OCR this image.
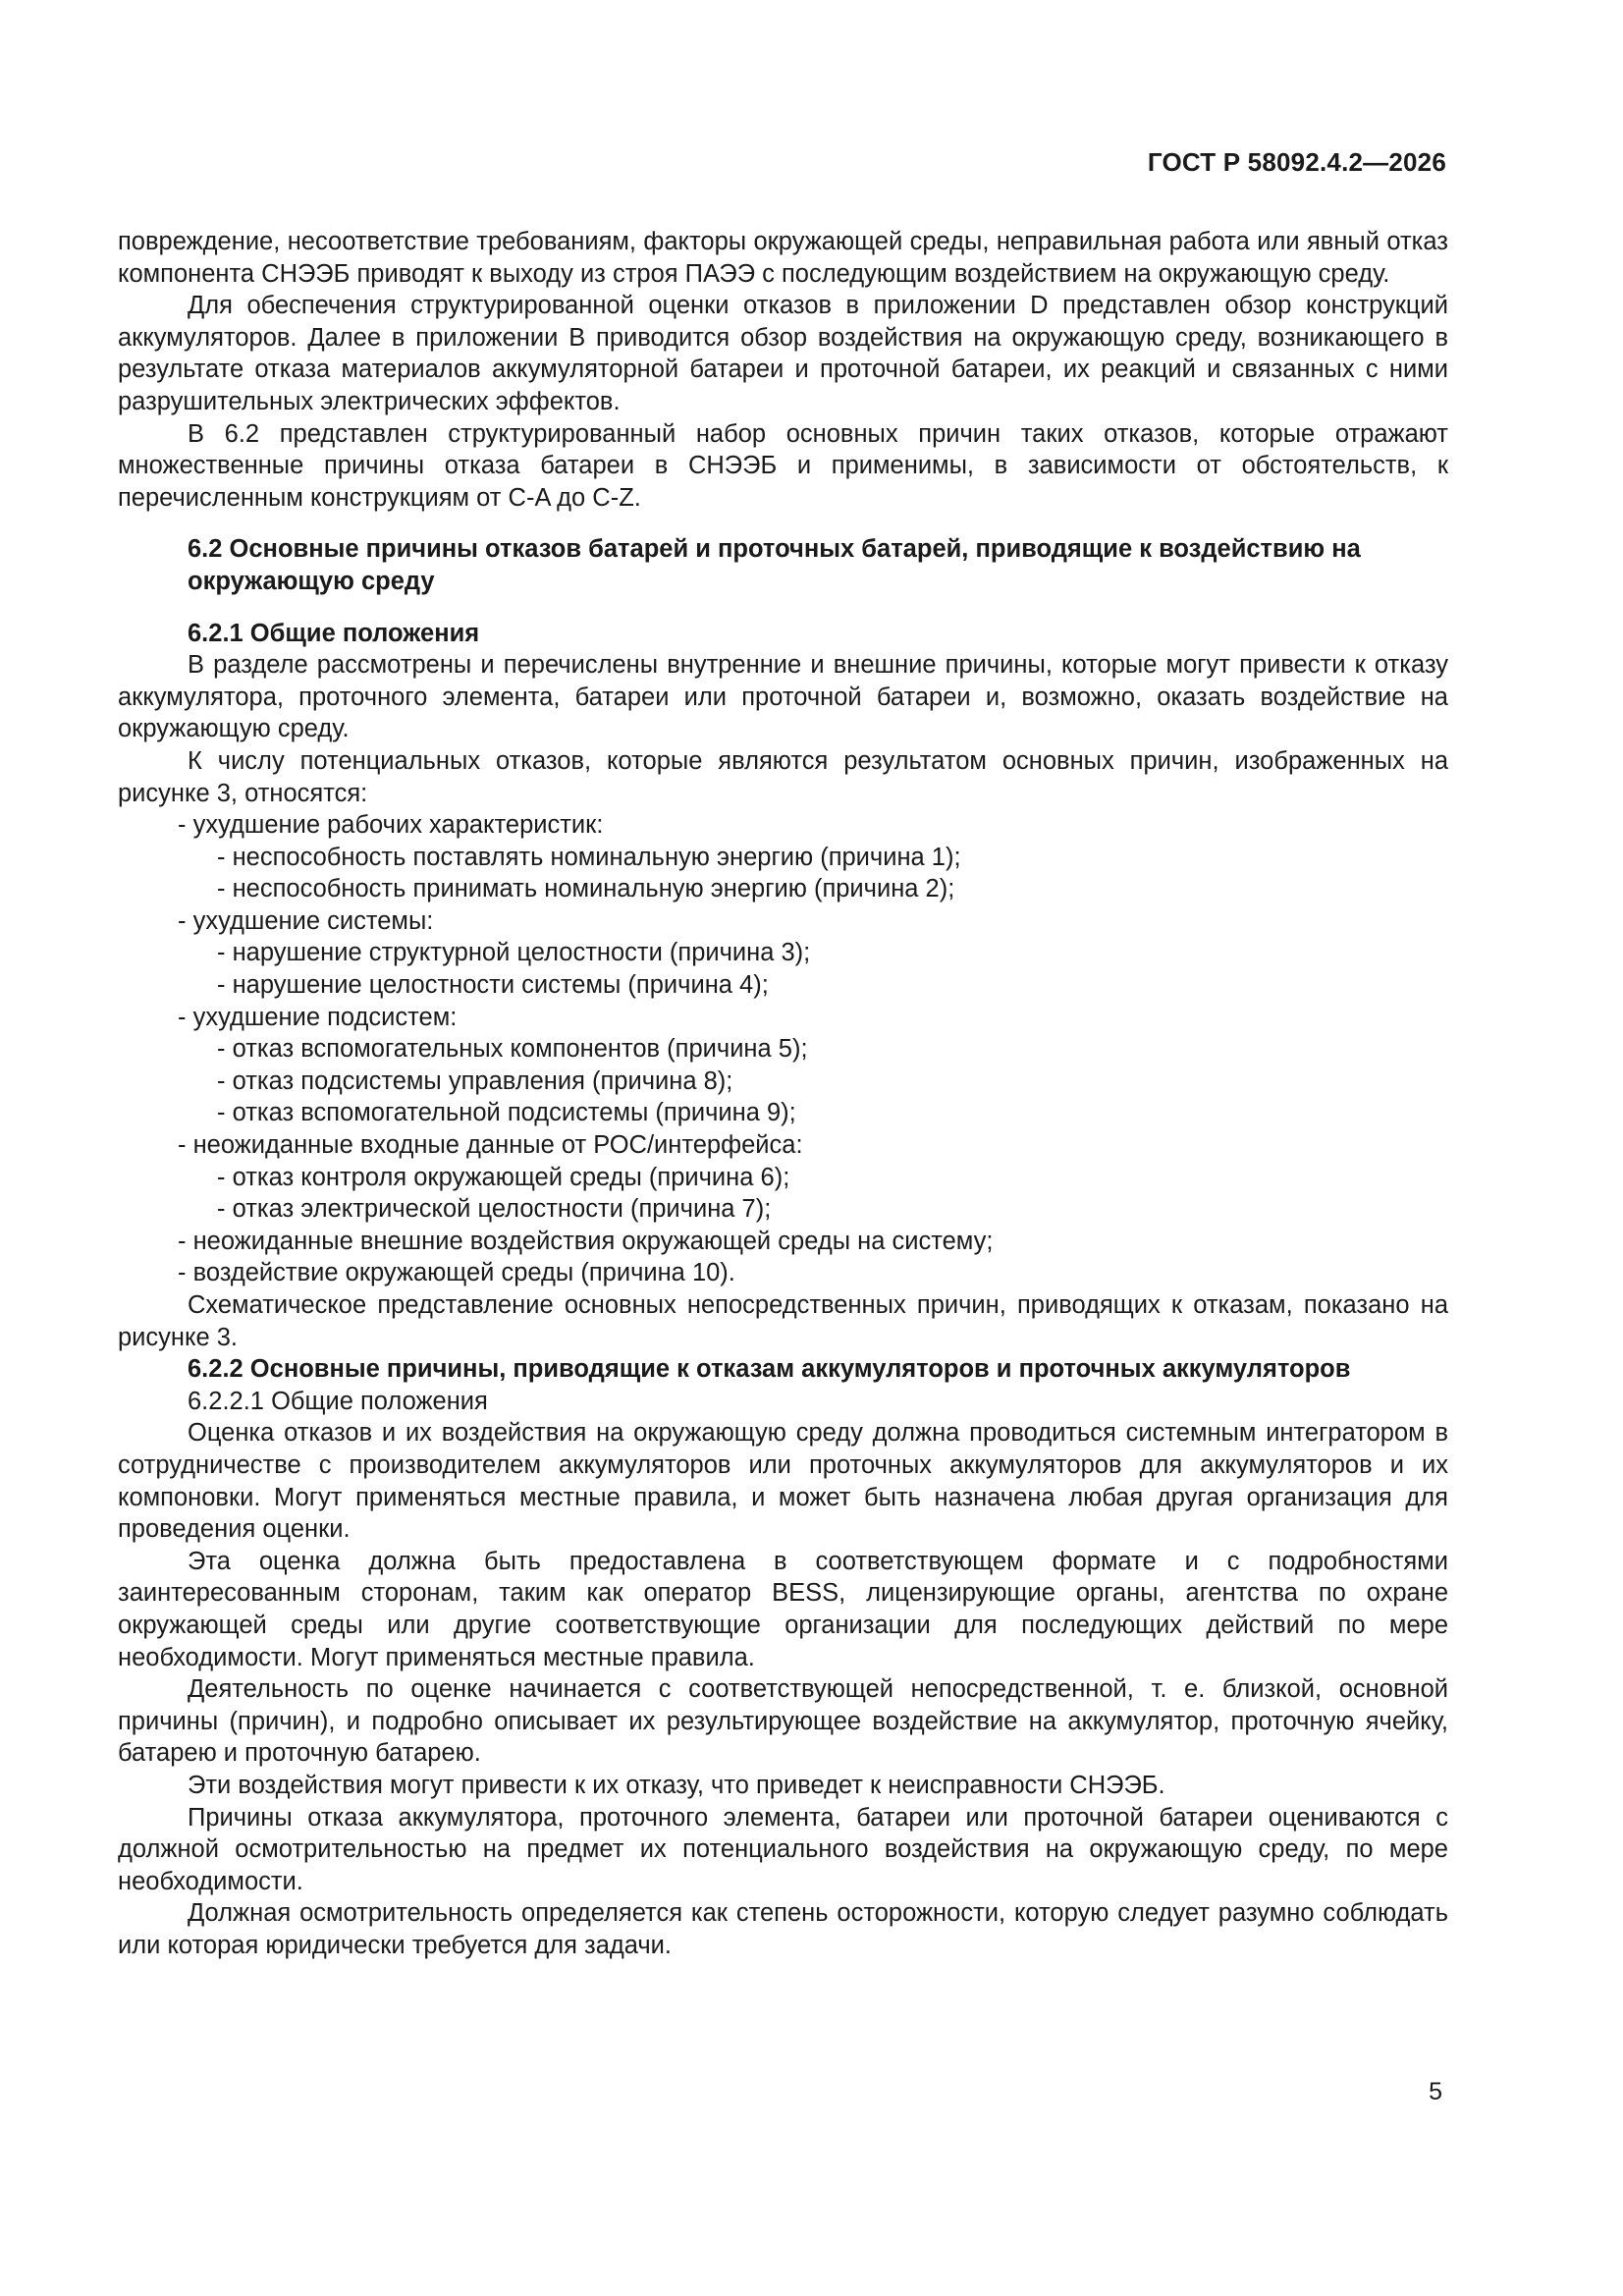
ГОСТ Р 58092.4.2—2026

повреждение, несоответствие требованиям, факторы окружающей среды, неправильная работа или явный отказ компонента СНЭЭБ приводят к выходу из строя ПАЭЭ с последующим воздействием на окружающую среду.

Для обеспечения структурированной оценки отказов в приложении D представлен обзор конструкций аккумуляторов. Далее в приложении B приводится обзор воздействия на окружающую среду, возникающего в результате отказа материалов аккумуляторной батареи и проточной батареи, их реакций и связанных с ними разрушительных электрических эффектов.

В 6.2 представлен структурированный набор основных причин таких отказов, которые отражают множественные причины отказа батареи в СНЭЭБ и применимы, в зависимости от обстоятельств, к перечисленным конструкциям от C-A до C-Z.

6.2 Основные причины отказов батарей и проточных батарей, приводящие к воздействию на окружающую среду
6.2.1 Общие положения

В разделе рассмотрены и перечислены внутренние и внешние причины, которые могут привести к отказу аккумулятора, проточного элемента, батареи или проточной батареи и, возможно, оказать воздействие на окружающую среду.

К числу потенциальных отказов, которые являются результатом основных причин, изображенных на рисунке 3, относятся:

- ухудшение рабочих характеристик:
- неспособность поставлять номинальную энергию (причина 1);
- неспособность принимать номинальную энергию (причина 2);
- ухудшение системы:
- нарушение структурной целостности (причина 3);
- нарушение целостности системы (причина 4);
- ухудшение подсистем:
- отказ вспомогательных компонентов (причина 5);
- отказ подсистемы управления (причина 8);
- отказ вспомогательной подсистемы (причина 9);
- неожиданные входные данные от РОС/интерфейса:
- отказ контроля окружающей среды (причина 6);
- отказ электрической целостности (причина 7);
- неожиданные внешние воздействия окружающей среды на систему;
- воздействие окружающей среды (причина 10).

Схематическое представление основных непосредственных причин, приводящих к отказам, показано на рисунке 3.

6.2.2 Основные причины, приводящие к отказам аккумуляторов и проточных аккумуляторов
6.2.2.1 Общие положения

Оценка отказов и их воздействия на окружающую среду должна проводиться системным интегратором в сотрудничестве с производителем аккумуляторов или проточных аккумуляторов для аккумуляторов и их компоновки. Могут применяться местные правила, и может быть назначена любая другая организация для проведения оценки.

Эта оценка должна быть предоставлена в соответствующем формате и с подробностями заинтересованным сторонам, таким как оператор BESS, лицензирующие органы, агентства по охране окружающей среды или другие соответствующие организации для последующих действий по мере необходимости. Могут применяться местные правила.

Деятельность по оценке начинается с соответствующей непосредственной, т. е. близкой, основной причины (причин), и подробно описывает их результирующее воздействие на аккумулятор, проточную ячейку, батарею и проточную батарею.

Эти воздействия могут привести к их отказу, что приведет к неисправности СНЭЭБ.

Причины отказа аккумулятора, проточного элемента, батареи или проточной батареи оцениваются с должной осмотрительностью на предмет их потенциального воздействия на окружающую среду, по мере необходимости.

Должная осмотрительность определяется как степень осторожности, которую следует разумно соблюдать или которая юридически требуется для задачи.

5
